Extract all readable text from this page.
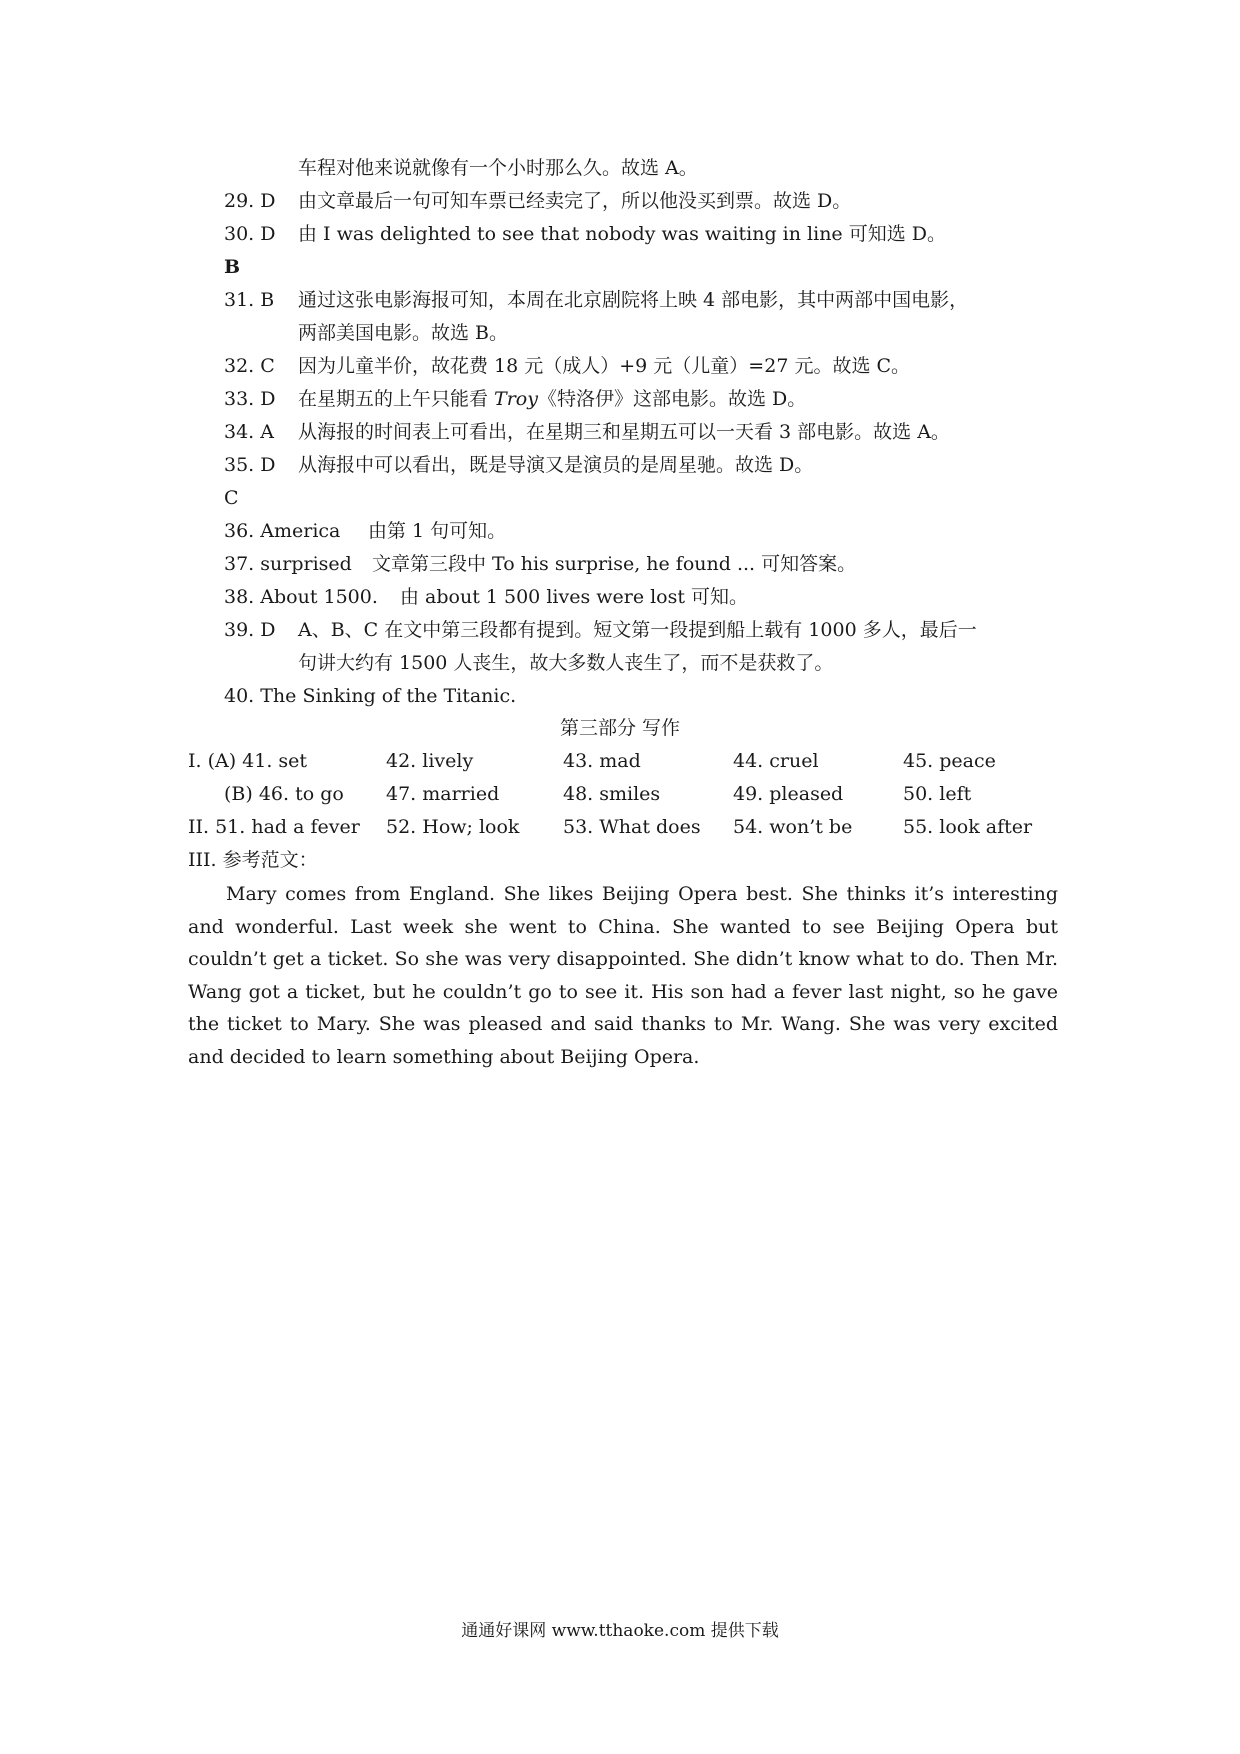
车程对他来说就像有一个小时那么久。故选 A。
29. D 由文章最后一句可知车票已经卖完了，所以他没买到票。故选 D。
30. D 由 I was delighted to see that nobody was waiting in line 可知选 D。
B
31. B 通过这张电影海报可知，本周在北京剧院将上映 4 部电影，其中两部中国电影，
两部美国电影。故选 B。
32. C 因为儿童半价，故花费 18 元（成人）+9 元（儿童）=27 元。故选 C。
33. D 在星期五的上午只能看 Troy《特洛伊》这部电影。故选 D。
34. A 从海报的时间表上可看出，在星期三和星期五可以一天看 3 部电影。故选 A。
35. D 从海报中可以看出，既是导演又是演员的是周星驰。故选 D。
C
36. America 由第 1 句可知。
37. surprised 文章第三段中 To his surprise, he found ... 可知答案。
38. About 1500. 由 about 1 500 lives were lost 可知。
39. D A、B、C 在文中第三段都有提到。短文第一段提到船上载有 1000 多人，最后一
句讲大约有 1500 人丧生，故大多数人丧生了，而不是获救了。
40. The Sinking of the Titanic.
第三部分 写作
I. (A) 41. set	42. lively	43. mad	44. cruel	45. peace
(B) 46. to go 47. married	48. smiles	49. pleased	50. left
II. 51. had a fever 52. How; look 53. What does 54. won’t be	55. look after
III. 参考范文：
Mary comes from England. She likes Beijing Opera best. She thinks it’s interesting and wonderful. Last week she went to China. She wanted to see Beijing Opera but couldn’t get a ticket. So she was very disappointed. She didn’t know what to do. Then Mr. Wang got a ticket, but he couldn’t go to see it. His son had a fever last night, so he gave the ticket to Mary. She was pleased and said thanks to Mr. Wang. She was very excited and decided to learn something about Beijing Opera.
通通好课网 www.tthaoke.com 提供下载
